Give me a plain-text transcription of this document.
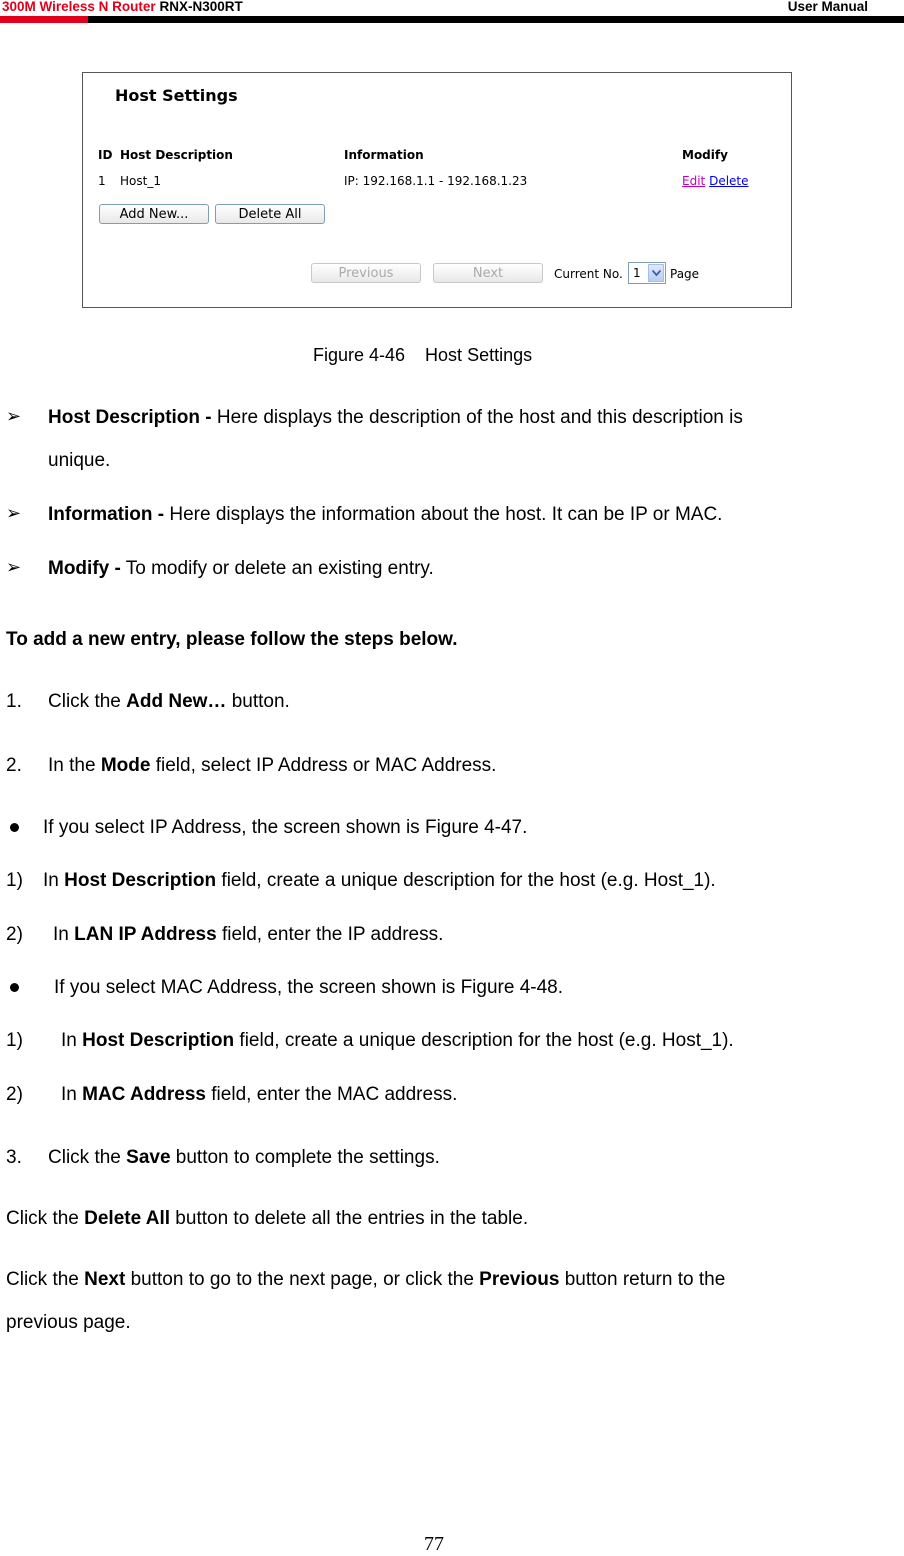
300M Wireless N Router RNX-N300RT	User Manual
Host Settings
ID Host Description	Information	Modify
1 Host_1	IP: 192.168.1.1 - 192.168.1.23	Edit Delete
Add New...	Delete All
Previous	Next	Current No. 1 Page
Figure 4-46    Host Settings
➢ Host Description - Here displays the description of the host and this description is
unique.
➢ Information - Here displays the information about the host. It can be IP or MAC.
➢ Modify - To modify or delete an existing entry.
To add a new entry, please follow the steps below.
1. Click the Add New… button.
2. In the Mode field, select IP Address or MAC Address.
If you select IP Address, the screen shown is Figure 4-47.
1) In Host Description field, create a unique description for the host (e.g. Host_1).
2) In LAN IP Address field, enter the IP address.
If you select MAC Address, the screen shown is Figure 4-48.
1) In Host Description field, create a unique description for the host (e.g. Host_1).
2) In MAC Address field, enter the MAC address.
3. Click the Save button to complete the settings.
Click the Delete All button to delete all the entries in the table.
Click the Next button to go to the next page, or click the Previous button return to the
previous page.
77
